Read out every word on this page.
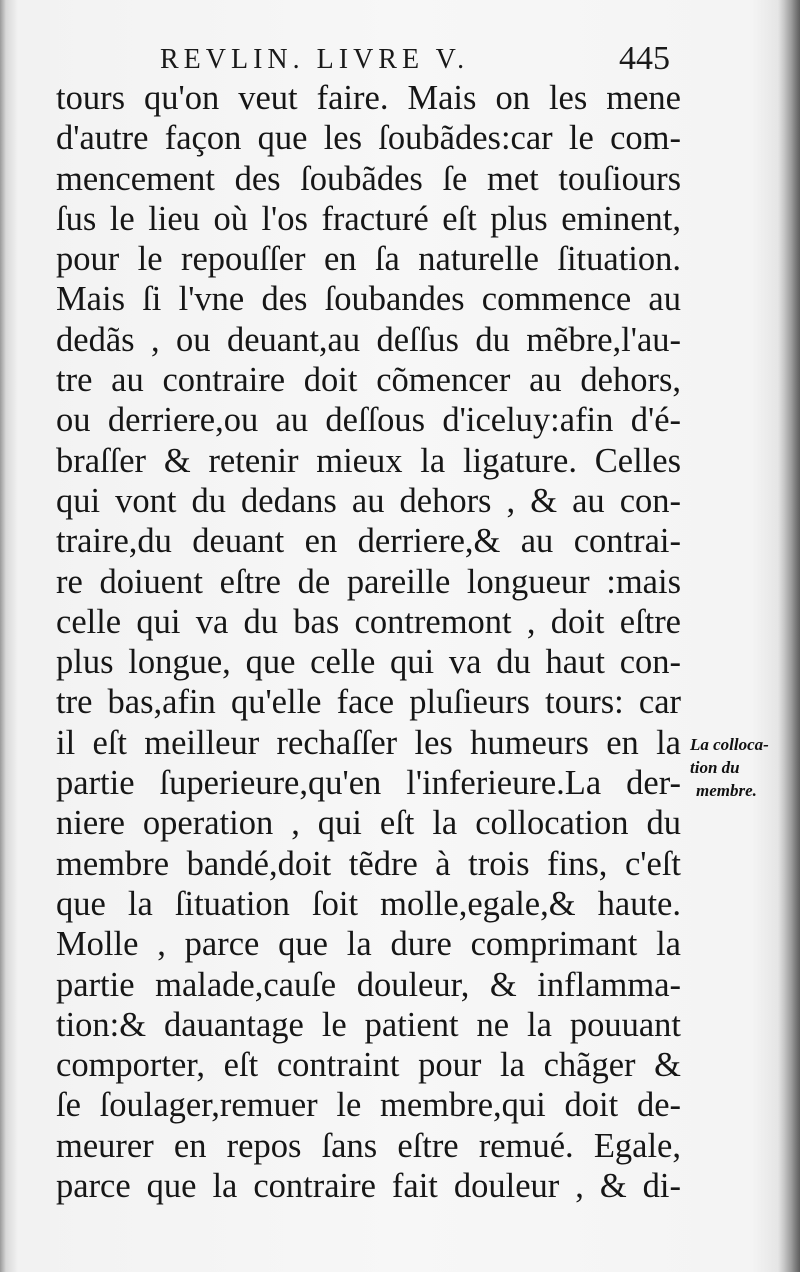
REVLIN. LIVRE V.	445
tours qu'on veut faire. Mais on les mene
d'autre façon que les ſoubãdes:car le com-
mencement des ſoubãdes ſe met touſiours
ſus le lieu où l'os fracturé eſt plus eminent,
pour le repouſſer en ſa naturelle ſituation.
Mais ſi l'vne des ſoubandes commence au
dedãs , ou deuant,au deſſus du mẽbre,l'au-
tre au contraire doit cõmencer au dehors,
ou derriere,ou au deſſous d'iceluy:afin d'é-
braſſer & retenir mieux la ligature. Celles
qui vont du dedans au dehors , & au con-
traire,du deuant en derriere,& au contrai-
re doiuent eſtre de pareille longueur :mais
celle qui va du bas contremont , doit eſtre
plus longue, que celle qui va du haut con-
tre bas,afin qu'elle face pluſieurs tours: car
il eſt meilleur rechaſſer les humeurs en la
partie ſuperieure,qu'en l'inferieure.La der-
niere operation , qui eſt la collocation du
membre bandé,doit tẽdre à trois fins, c'eſt
que la ſituation ſoit molle,egale,& haute.
Molle , parce que la dure comprimant la
partie malade,cauſe douleur, & inflamma-
tion:& dauantage le patient ne la pouuant
comporter, eſt contraint pour la chãger &
ſe ſoulager,remuer le membre,qui doit de-
meurer en repos ſans eſtre remué. Egale,
parce que la contraire fait douleur , & di-
La colloca-
tion du
membre.
